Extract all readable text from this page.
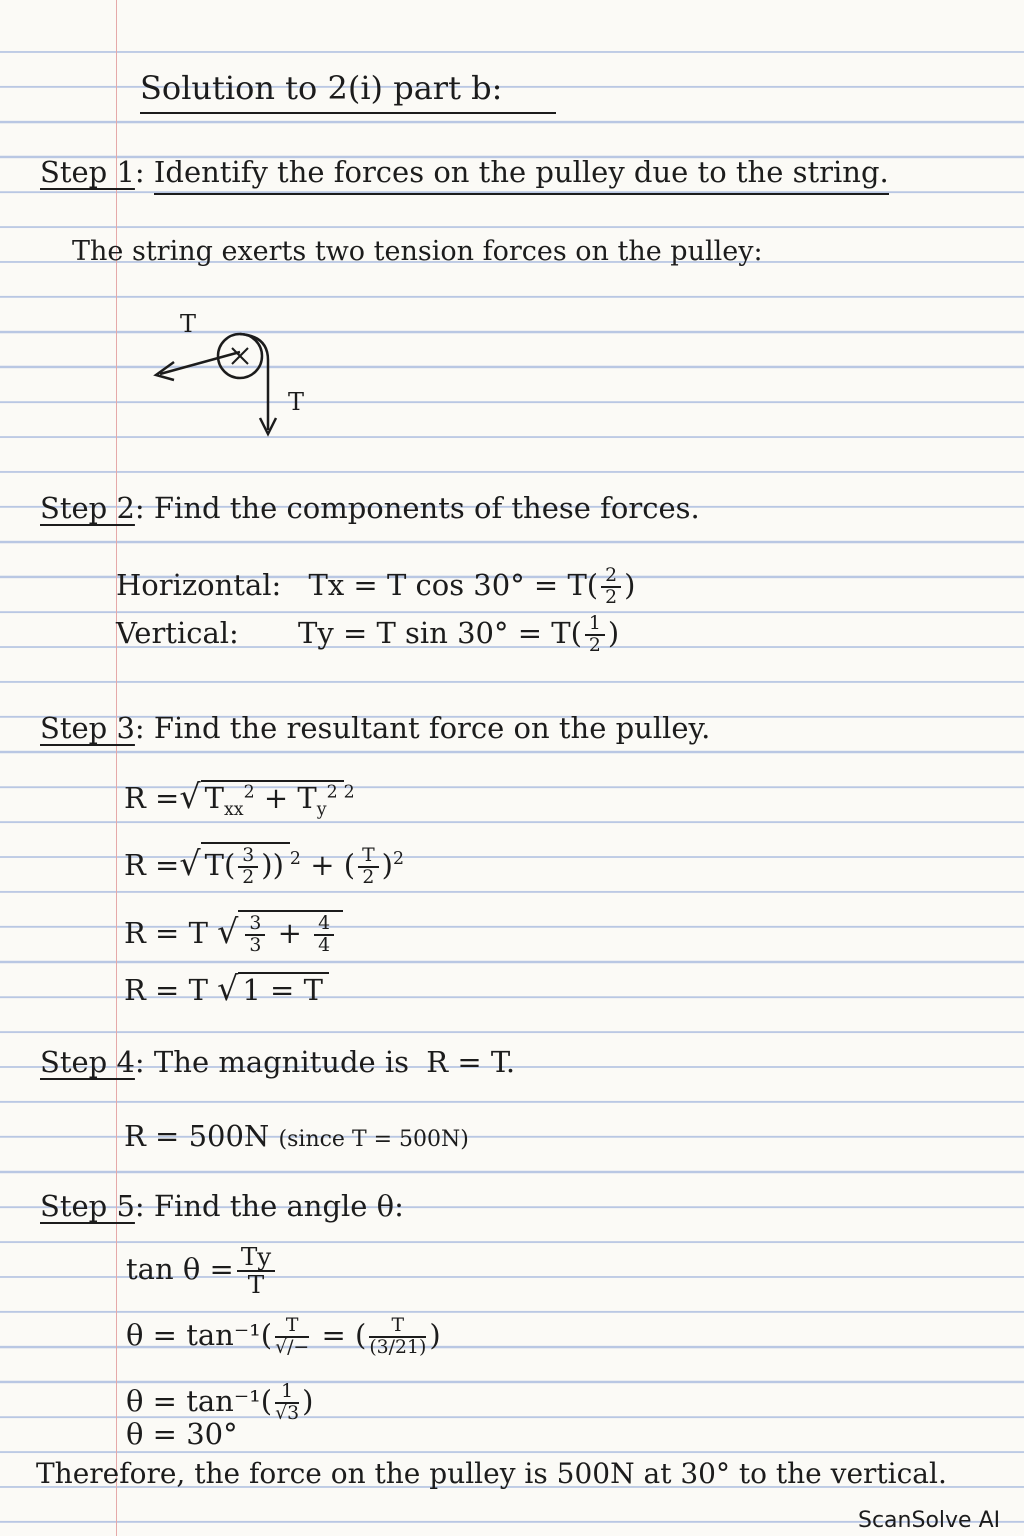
Solution to 2(i) part b:
Step 1: Identify the forces on the pulley due to the string.
The string exerts two tension forces on the pulley:
T
T
Step 2: Find the components of these forces.
Horizontal: Tx = T $\cos 30^\circ = T( \frac{2}{2}$ )
Vertical: Ty = T $\sin 30^\circ = T( \frac{1}{2}$ )
Step 3: Find the resultant force on the pulley.
R =√ $T_{xx}^2 + T_y^2$ $^2$
R =√ $T( \frac{3}{2}$ )) $^2$ + ( $\frac{T}{2} )^2$
R = T √ $\frac{3}{3} + \frac{4}{4}$
R = T √ 1 = T
Step 4: The magnitude is R = T.
R = 500N (since T = 500N)
Step 5: Find the angle θ:
$\tan \theta = \frac{Ty}{T}$
$\theta = \tan^{-1}( \frac{T}{√/-}$ = ( $\frac{T}{(3/21)}$ )
$\theta = \tan^{-1}( \frac{1}{√3}$ )
θ = 30°
Therefore, the force on the pulley is 500N at 30° to the vertical.
ScanSolve AI
